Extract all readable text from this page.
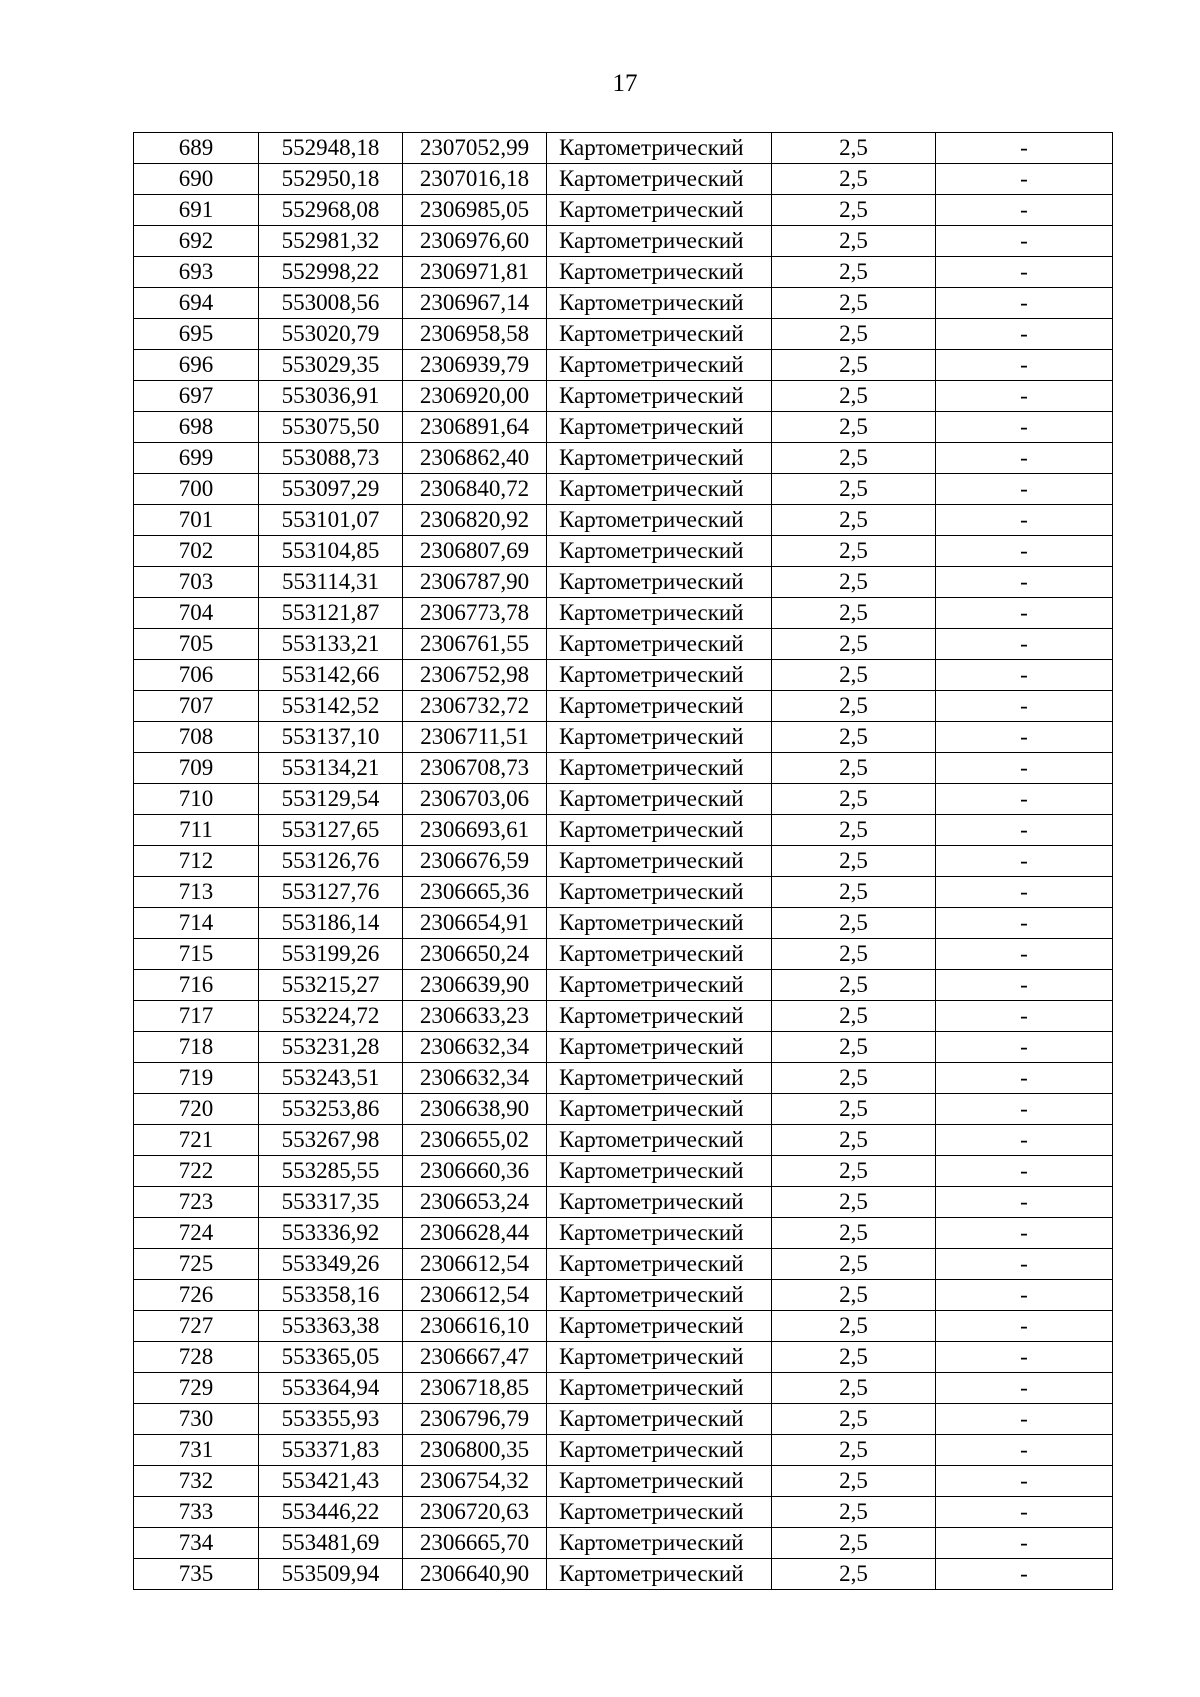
17
689	552948,18	2307052,99	Картометрический	2,5	-
690	552950,18	2307016,18	Картометрический	2,5	-
691	552968,08	2306985,05	Картометрический	2,5	-
692	552981,32	2306976,60	Картометрический	2,5	-
693	552998,22	2306971,81	Картометрический	2,5	-
694	553008,56	2306967,14	Картометрический	2,5	-
695	553020,79	2306958,58	Картометрический	2,5	-
696	553029,35	2306939,79	Картометрический	2,5	-
697	553036,91	2306920,00	Картометрический	2,5	-
698	553075,50	2306891,64	Картометрический	2,5	-
699	553088,73	2306862,40	Картометрический	2,5	-
700	553097,29	2306840,72	Картометрический	2,5	-
701	553101,07	2306820,92	Картометрический	2,5	-
702	553104,85	2306807,69	Картометрический	2,5	-
703	553114,31	2306787,90	Картометрический	2,5	-
704	553121,87	2306773,78	Картометрический	2,5	-
705	553133,21	2306761,55	Картометрический	2,5	-
706	553142,66	2306752,98	Картометрический	2,5	-
707	553142,52	2306732,72	Картометрический	2,5	-
708	553137,10	2306711,51	Картометрический	2,5	-
709	553134,21	2306708,73	Картометрический	2,5	-
710	553129,54	2306703,06	Картометрический	2,5	-
711	553127,65	2306693,61	Картометрический	2,5	-
712	553126,76	2306676,59	Картометрический	2,5	-
713	553127,76	2306665,36	Картометрический	2,5	-
714	553186,14	2306654,91	Картометрический	2,5	-
715	553199,26	2306650,24	Картометрический	2,5	-
716	553215,27	2306639,90	Картометрический	2,5	-
717	553224,72	2306633,23	Картометрический	2,5	-
718	553231,28	2306632,34	Картометрический	2,5	-
719	553243,51	2306632,34	Картометрический	2,5	-
720	553253,86	2306638,90	Картометрический	2,5	-
721	553267,98	2306655,02	Картометрический	2,5	-
722	553285,55	2306660,36	Картометрический	2,5	-
723	553317,35	2306653,24	Картометрический	2,5	-
724	553336,92	2306628,44	Картометрический	2,5	-
725	553349,26	2306612,54	Картометрический	2,5	-
726	553358,16	2306612,54	Картометрический	2,5	-
727	553363,38	2306616,10	Картометрический	2,5	-
728	553365,05	2306667,47	Картометрический	2,5	-
729	553364,94	2306718,85	Картометрический	2,5	-
730	553355,93	2306796,79	Картометрический	2,5	-
731	553371,83	2306800,35	Картометрический	2,5	-
732	553421,43	2306754,32	Картометрический	2,5	-
733	553446,22	2306720,63	Картометрический	2,5	-
734	553481,69	2306665,70	Картометрический	2,5	-
735	553509,94	2306640,90	Картометрический	2,5	-
